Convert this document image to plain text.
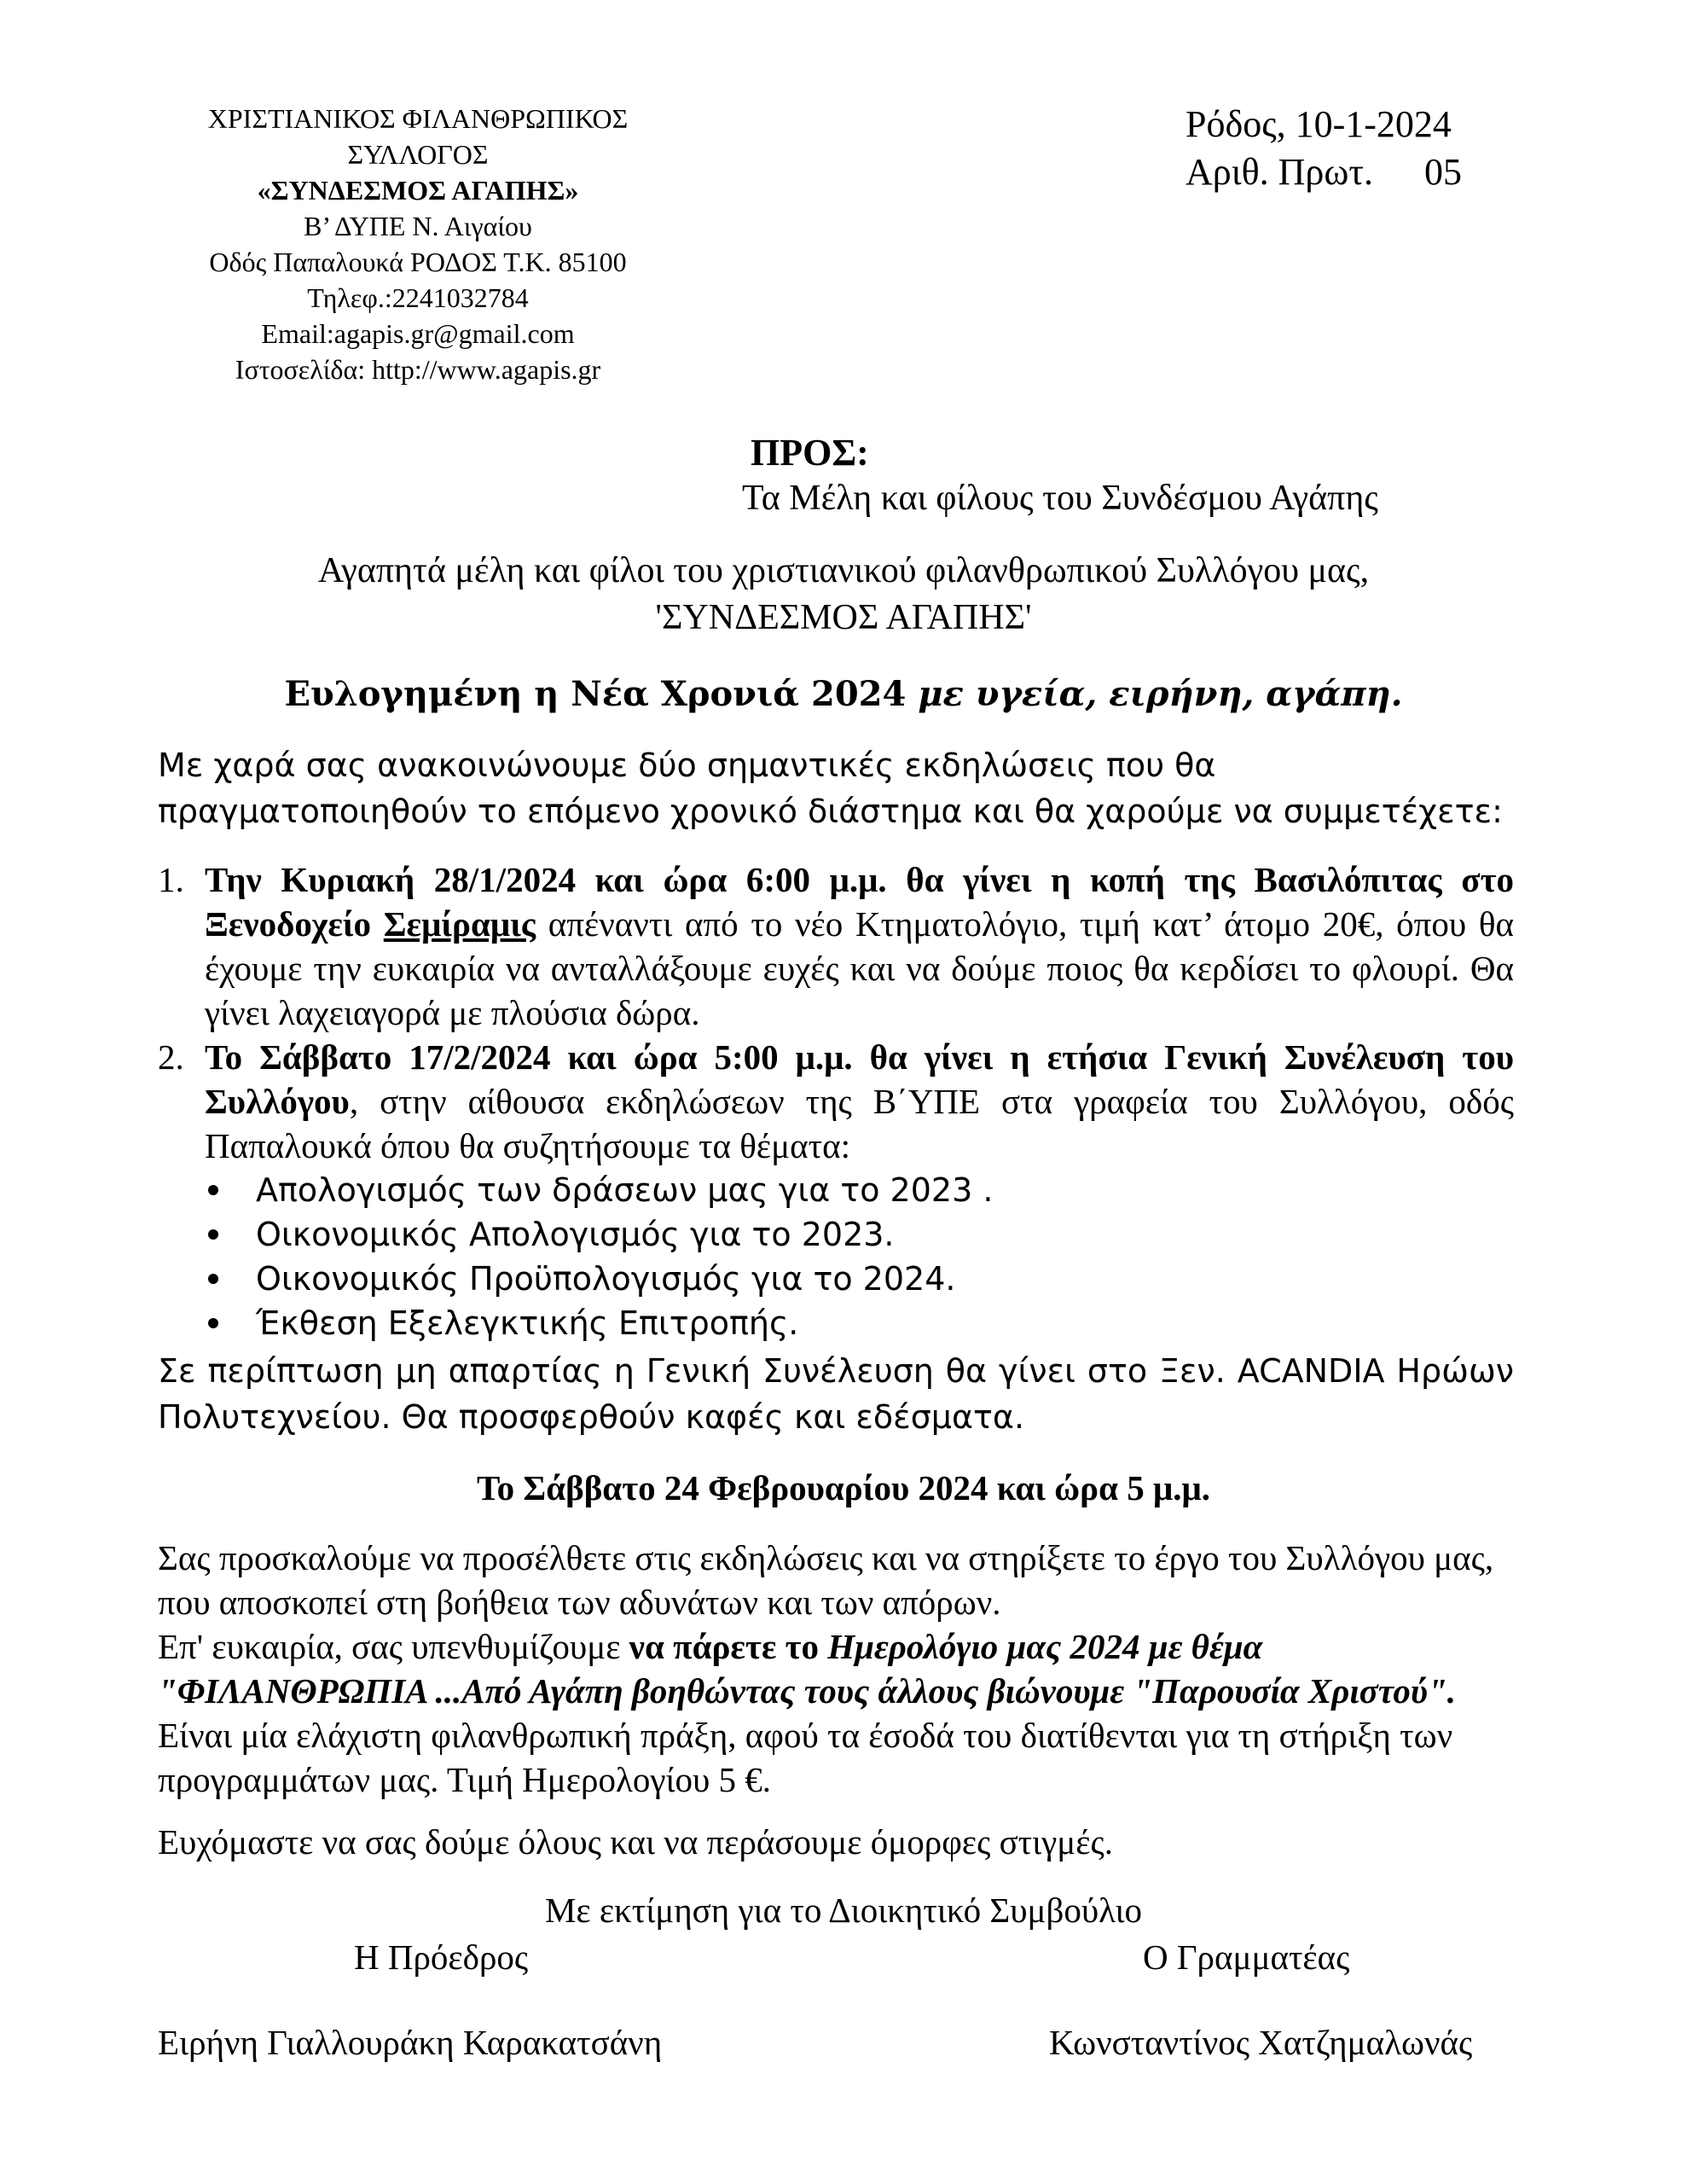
ΧΡΙΣΤΙΑΝΙΚΟΣ ΦΙΛΑΝΘΡΩΠΙΚΟΣ
ΣΥΛΛΟΓΟΣ
«ΣΥΝΔΕΣΜΟΣ ΑΓΑΠΗΣ»
Β’ ΔΥΠΕ Ν. Αιγαίου
Οδός Παπαλουκά ΡΟΔΟΣ Τ.Κ. 85100
Τηλεφ.:2241032784
Email:agapis.gr@gmail.com
Ιστοσελίδα: http://www.agapis.gr
Ρόδος, 10-1-2024
Αριθ. Πρωτ. 05
ΠΡΟΣ:
Τα Μέλη και φίλους του Συνδέσμου Αγάπης
Αγαπητά μέλη και φίλοι του χριστιανικού φιλανθρωπικού Συλλόγου μας,
'ΣΥΝΔΕΣΜΟΣ ΑΓΑΠΗΣ'
Ευλογημένη η Νέα Χρονιά 2024 με υγεία, ειρήνη, αγάπη.
Με χαρά σας ανακοινώνουμε δύο σημαντικές εκδηλώσεις που θα πραγματοποιηθούν το επόμενο χρονικό διάστημα και θα χαρούμε να συμμετέχετε:
1. Την Κυριακή 28/1/2024 και ώρα 6:00 μ.μ. θα γίνει η κοπή της Βασιλόπιτας στο Ξενοδοχείο Σεμίραμις απέναντι από το νέο Κτηματολόγιο, τιμή κατ’ άτομο 20€, όπου θα έχουμε την ευκαιρία να ανταλλάξουμε ευχές και να δούμε ποιος θα κερδίσει το φλουρί. Θα γίνει λαχειαγορά με πλούσια δώρα.
2. Το Σάββατο 17/2/2024 και ώρα 5:00 μ.μ. θα γίνει η ετήσια Γενική Συνέλευση του Συλλόγου, στην αίθουσα εκδηλώσεων της Β΄ΥΠΕ στα γραφεία του Συλλόγου, οδός Παπαλουκά όπου θα συζητήσουμε τα θέματα:
Απολογισμός των δράσεων μας για το 2023 .
Οικονομικός Απολογισμός για το 2023.
Οικονομικός Προϋπολογισμός για το 2024.
Έκθεση Εξελεγκτικής Επιτροπής.
Σε περίπτωση μη απαρτίας η Γενική Συνέλευση θα γίνει στο Ξεν. ACANDIA Ηρώων Πολυτεχνείου. Θα προσφερθούν καφές και εδέσματα.
Το Σάββατο 24 Φεβρουαρίου 2024 και ώρα 5 μ.μ.
Σας προσκαλούμε να προσέλθετε στις εκδηλώσεις και να στηρίξετε το έργο του Συλλόγου μας, που αποσκοπεί στη βοήθεια των αδυνάτων και των απόρων.
Επ' ευκαιρία, σας υπενθυμίζουμε να πάρετε το Ημερολόγιο μας 2024 με θέμα "ΦΙΛΑΝΘΡΩΠΙΑ ...Από Αγάπη βοηθώντας τους άλλους βιώνουμε "Παρουσία Χριστού". Είναι μία ελάχιστη φιλανθρωπική πράξη, αφού τα έσοδά του διατίθενται για τη στήριξη των προγραμμάτων μας. Τιμή Ημερολογίου 5 €.
Ευχόμαστε να σας δούμε όλους και να περάσουμε όμορφες στιγμές.
Με εκτίμηση για το Διοικητικό Συμβούλιο
Η Πρόεδρος	Ο Γραμματέας
Ειρήνη Γιαλλουράκη Καρακατσάνη	Κωνσταντίνος Χατζημαλωνάς
